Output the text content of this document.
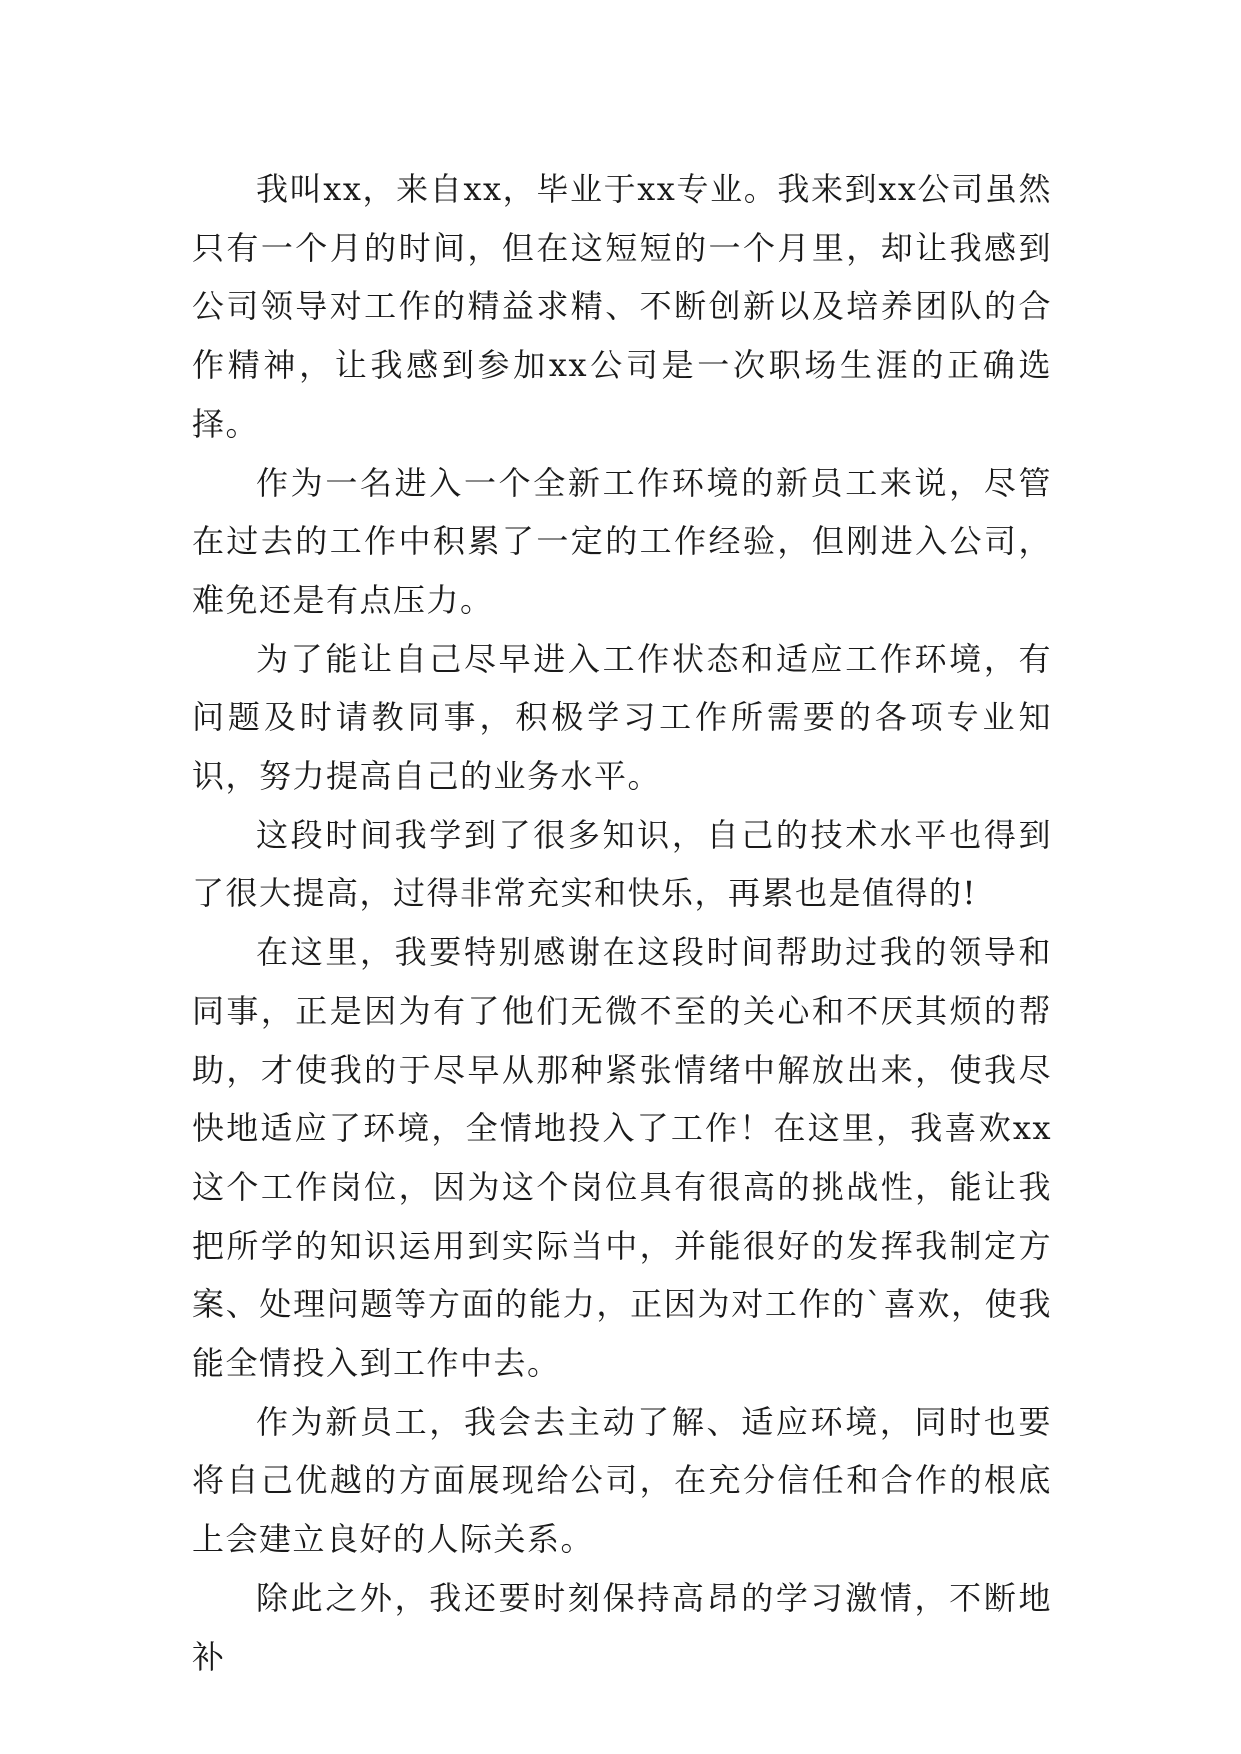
我叫xx，来自xx，毕业于xx专业。我来到xx公司虽然只有一个月的时间，但在这短短的一个月里，却让我感到公司领导对工作的精益求精、不断创新以及培养团队的合作精神，让我感到参加xx公司是一次职场生涯的正确选择。

作为一名进入一个全新工作环境的新员工来说，尽管在过去的工作中积累了一定的工作经验，但刚进入公司，难免还是有点压力。

为了能让自己尽早进入工作状态和适应工作环境，有问题及时请教同事，积极学习工作所需要的各项专业知识，努力提高自己的业务水平。

这段时间我学到了很多知识，自己的技术水平也得到了很大提高，过得非常充实和快乐，再累也是值得的!

在这里，我要特别感谢在这段时间帮助过我的领导和同事，正是因为有了他们无微不至的关心和不厌其烦的帮助，才使我的于尽早从那种紧张情绪中解放出来，使我尽快地适应了环境，全情地投入了工作！在这里，我喜欢xx这个工作岗位，因为这个岗位具有很高的挑战性，能让我把所学的知识运用到实际当中，并能很好的发挥我制定方案、处理问题等方面的能力，正因为对工作的`喜欢，使我能全情投入到工作中去。

作为新员工，我会去主动了解、适应环境，同时也要将自己优越的方面展现给公司，在充分信任和合作的根底上会建立良好的人际关系。

除此之外，我还要时刻保持高昂的学习激情，不断地补
